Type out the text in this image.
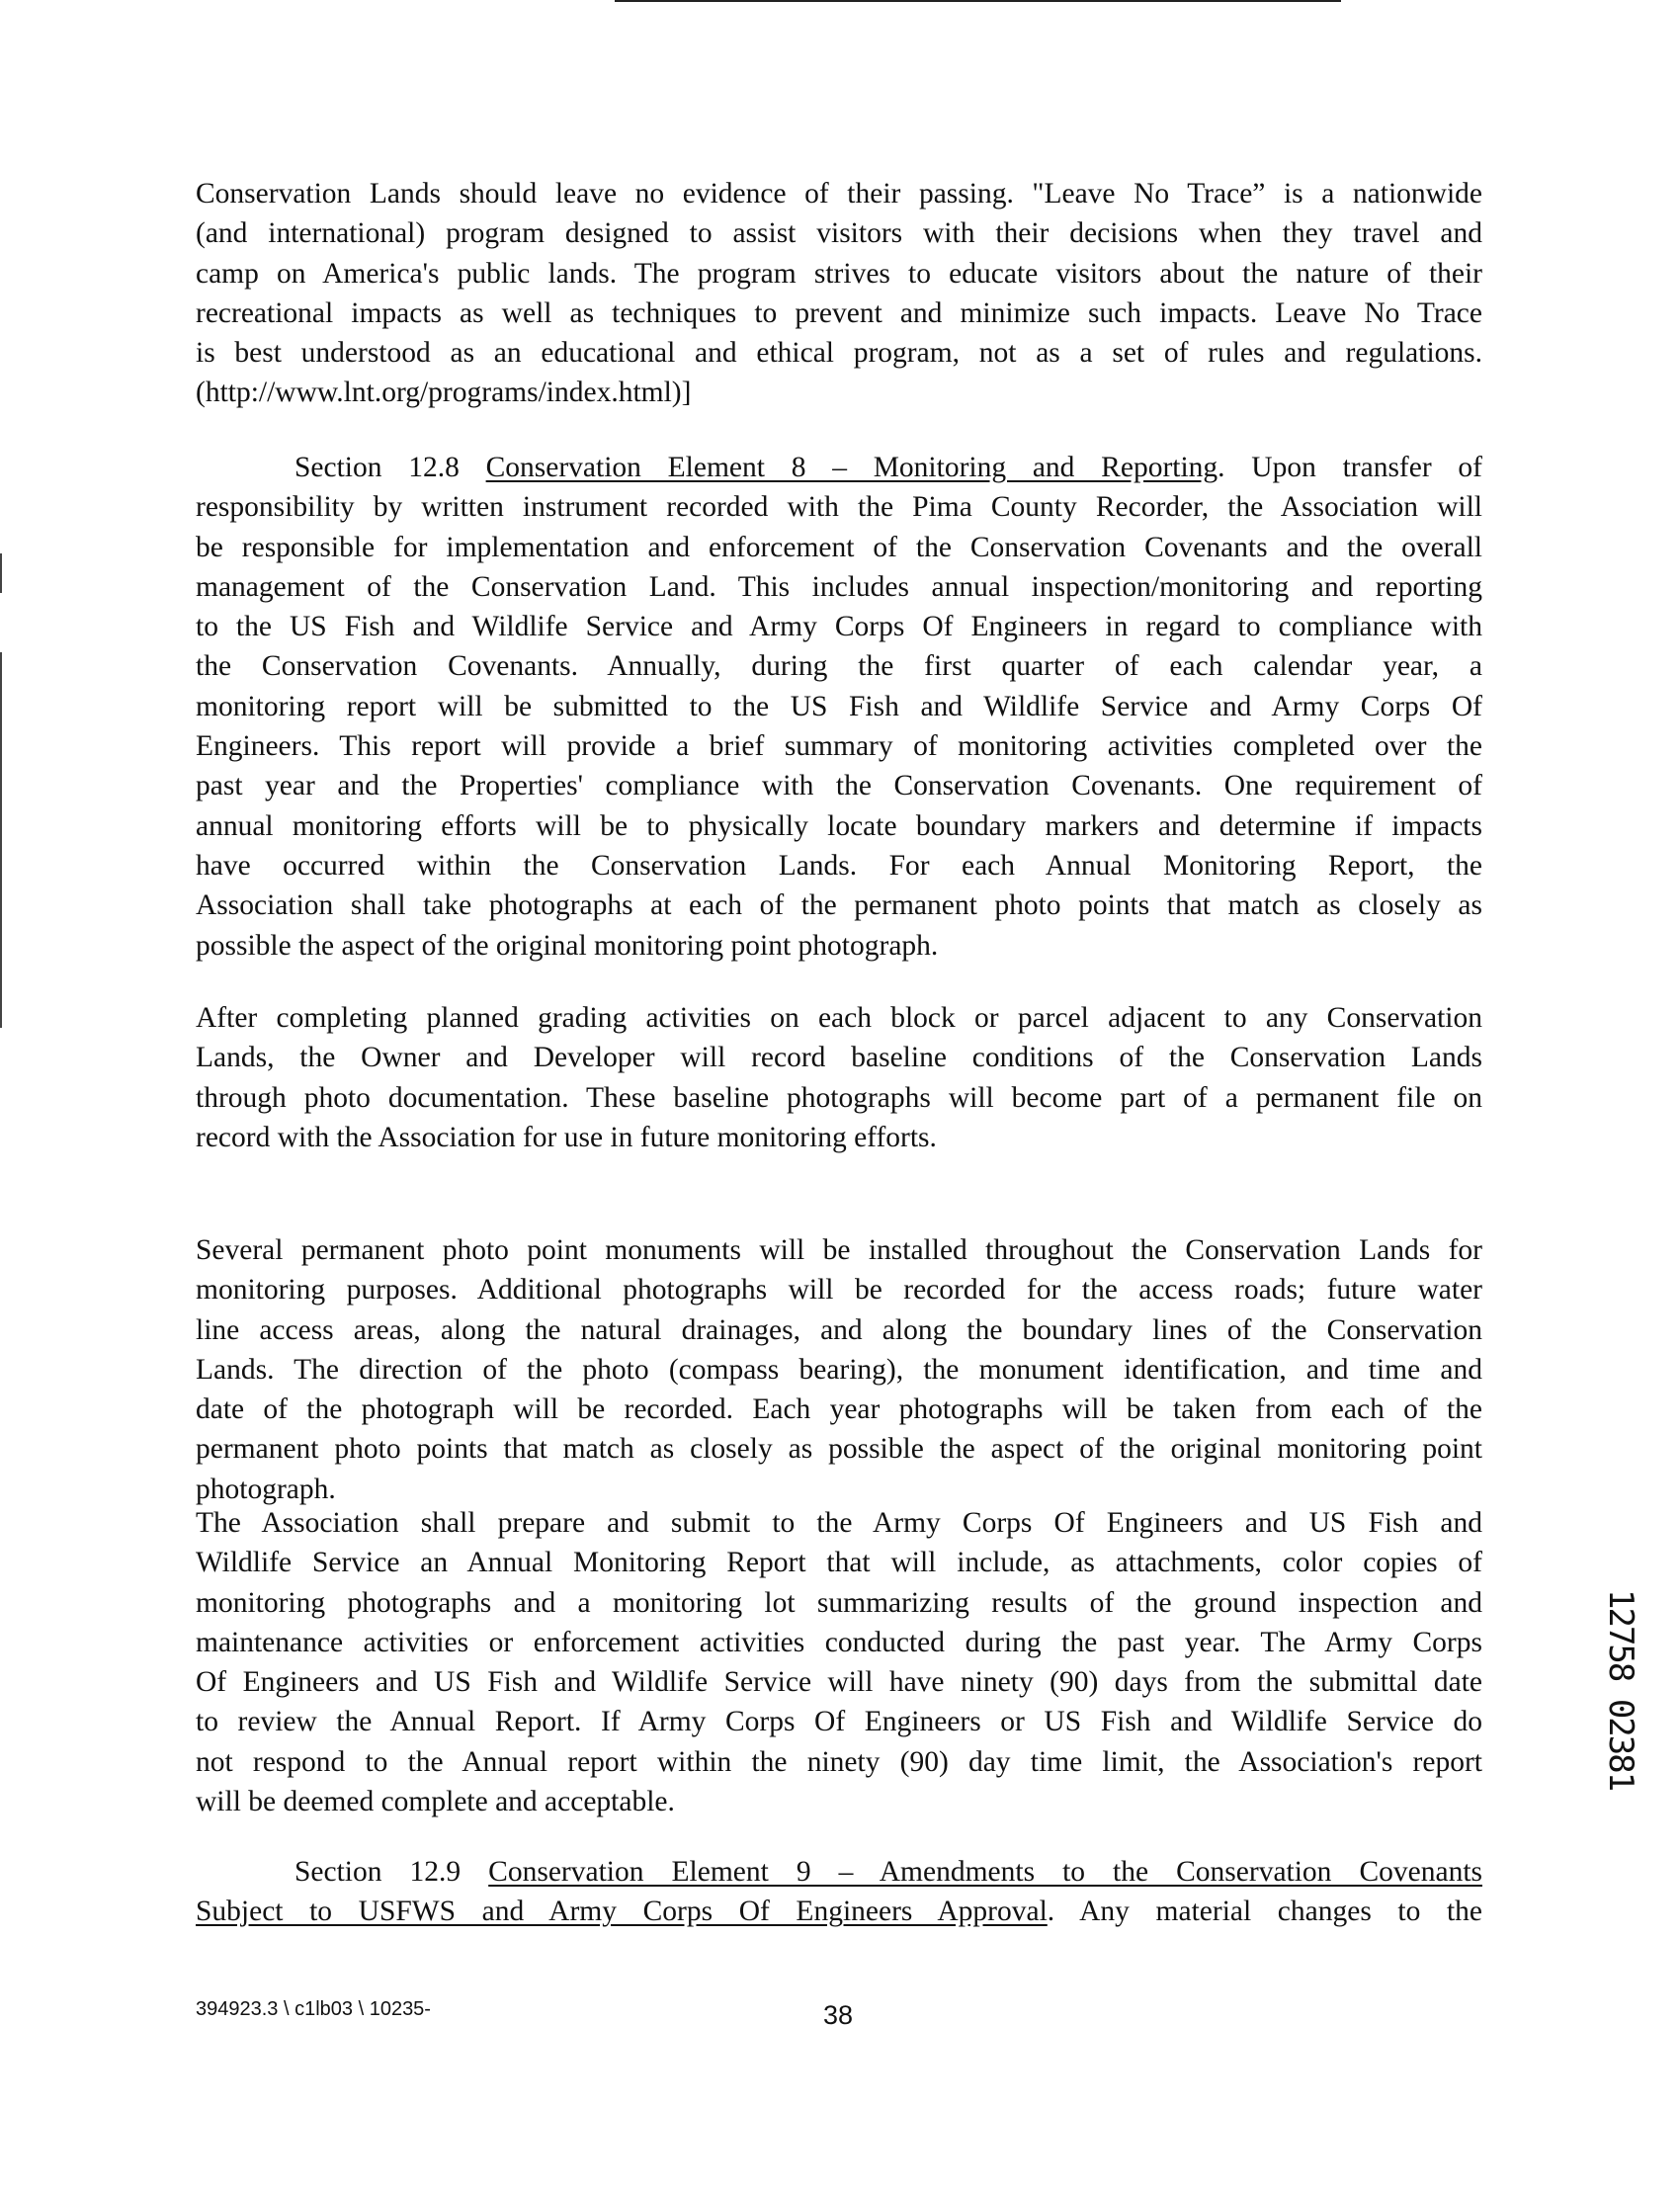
Conservation Lands should leave no evidence of their passing. "Leave No Trace” is a nationwide
(and international) program designed to assist visitors with their decisions when they travel and
camp on America's public lands. The program strives to educate visitors about the nature of their
recreational impacts as well as techniques to prevent and minimize such impacts. Leave No Trace
is best understood as an educational and ethical program, not as a set of rules and regulations.
(http://www.lnt.org/programs/index.html)]
Section 12.8 Conservation Element 8 – Monitoring and Reporting. Upon transfer of
responsibility by written instrument recorded with the Pima County Recorder, the Association will
be responsible for implementation and enforcement of the Conservation Covenants and the overall
management of the Conservation Land. This includes annual inspection/monitoring and reporting
to the US Fish and Wildlife Service and Army Corps Of Engineers in regard to compliance with
the Conservation Covenants. Annually, during the first quarter of each calendar year, a
monitoring report will be submitted to the US Fish and Wildlife Service and Army Corps Of
Engineers. This report will provide a brief summary of monitoring activities completed over the
past year and the Properties' compliance with the Conservation Covenants. One requirement of
annual monitoring efforts will be to physically locate boundary markers and determine if impacts
have occurred within the Conservation Lands. For each Annual Monitoring Report, the
Association shall take photographs at each of the permanent photo points that match as closely as
possible the aspect of the original monitoring point photograph.
After completing planned grading activities on each block or parcel adjacent to any Conservation
Lands, the Owner and Developer will record baseline conditions of the Conservation Lands
through photo documentation. These baseline photographs will become part of a permanent file on
record with the Association for use in future monitoring efforts.
Several permanent photo point monuments will be installed throughout the Conservation Lands for
monitoring purposes. Additional photographs will be recorded for the access roads; future water
line access areas, along the natural drainages, and along the boundary lines of the Conservation
Lands. The direction of the photo (compass bearing), the monument identification, and time and
date of the photograph will be recorded. Each year photographs will be taken from each of the
permanent photo points that match as closely as possible the aspect of the original monitoring point
photograph.
The Association shall prepare and submit to the Army Corps Of Engineers and US Fish and
Wildlife Service an Annual Monitoring Report that will include, as attachments, color copies of
monitoring photographs and a monitoring lot summarizing results of the ground inspection and
maintenance activities or enforcement activities conducted during the past year. The Army Corps
Of Engineers and US Fish and Wildlife Service will have ninety (90) days from the submittal date
to review the Annual Report. If Army Corps Of Engineers or US Fish and Wildlife Service do
not respond to the Annual report within the ninety (90) day time limit, the Association's report
will be deemed complete and acceptable.
Section 12.9 Conservation Element 9 – Amendments to the Conservation Covenants
Subject to USFWS and Army Corps Of Engineers Approval. Any material changes to the
394923.3 \ c1lb03 \ 10235-	38
12758 02381
